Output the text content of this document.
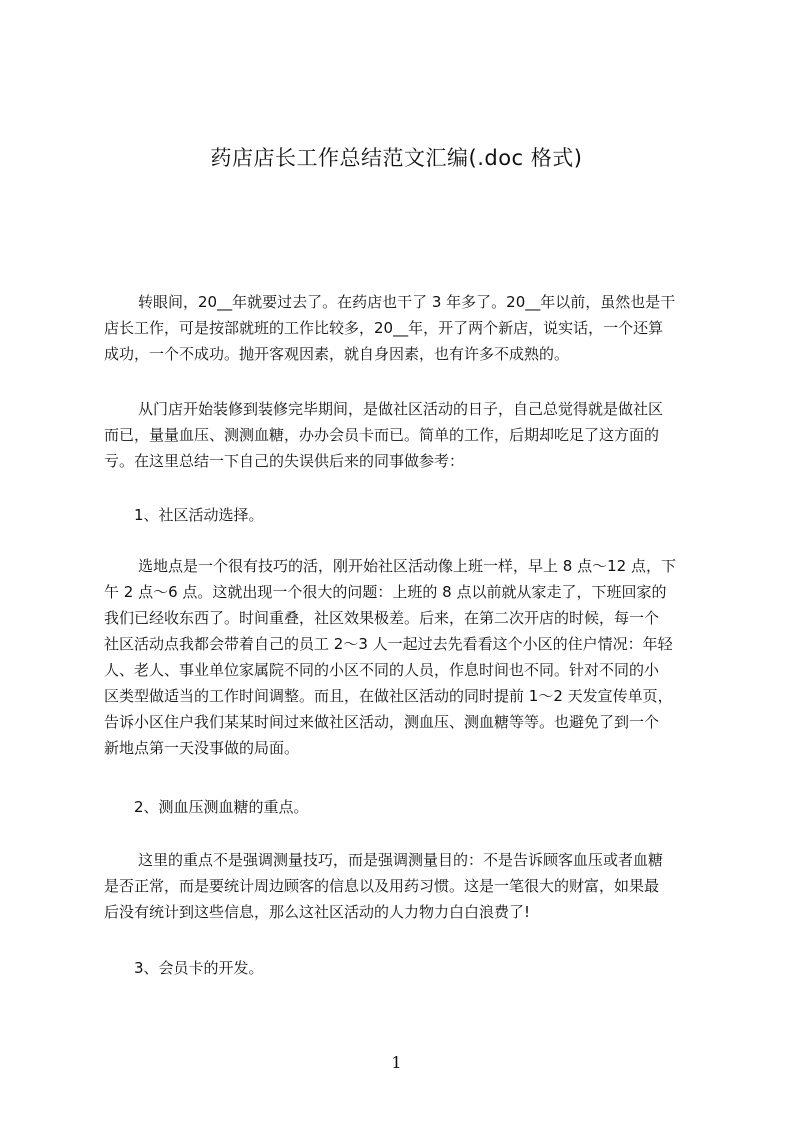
药店店长工作总结范文汇编(.doc 格式)
转眼间，20__年就要过去了。在药店也干了 3 年多了。20__年以前，虽然也是干
店长工作，可是按部就班的工作比较多，20__年，开了两个新店，说实话，一个还算
成功，一个不成功。抛开客观因素，就自身因素，也有许多不成熟的。
从门店开始装修到装修完毕期间，是做社区活动的日子，自己总觉得就是做社区
而已，量量血压、测测血糖，办办会员卡而已。简单的工作，后期却吃足了这方面的
亏。在这里总结一下自己的失误供后来的同事做参考：
1、社区活动选择。
选地点是一个很有技巧的活，刚开始社区活动像上班一样，早上 8 点～12 点，下
午 2 点～6 点。这就出现一个很大的问题：上班的 8 点以前就从家走了，下班回家的
我们已经收东西了。时间重叠，社区效果极差。后来，在第二次开店的时候，每一个
社区活动点我都会带着自己的员工 2～3 人一起过去先看看这个小区的住户情况：年轻
人、老人、事业单位家属院不同的小区不同的人员，作息时间也不同。针对不同的小
区类型做适当的工作时间调整。而且，在做社区活动的同时提前 1～2 天发宣传单页，
告诉小区住户我们某某时间过来做社区活动，测血压、测血糖等等。也避免了到一个
新地点第一天没事做的局面。
2、测血压测血糖的重点。
这里的重点不是强调测量技巧，而是强调测量目的：不是告诉顾客血压或者血糖
是否正常，而是要统计周边顾客的信息以及用药习惯。这是一笔很大的财富，如果最
后没有统计到这些信息，那么这社区活动的人力物力白白浪费了!
3、会员卡的开发。
1
